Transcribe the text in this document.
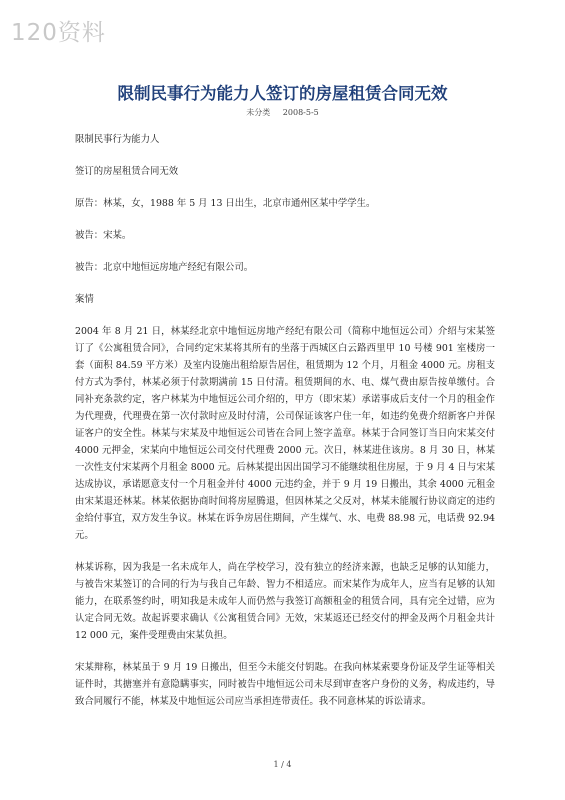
120资料
限制民事行为能力人签订的房屋租赁合同无效
未分类 2008-5-5

限制民事行为能力人

签订的房屋租赁合同无效

原告：林某，女，1988 年 5 月 13 日出生，北京市通州区某中学学生。

被告：宋某。

被告：北京中地恒远房地产经纪有限公司。

案情

2004 年 8 月 21 日，林某经北京中地恒远房地产经纪有限公司（简称中地恒远公司）介绍与宋某签订了《公寓租赁合同》，合同约定宋某将其所有的坐落于西城区白云路西里甲 10 号楼 901 室楼房一套（面积 84.59 平方米）及室内设施出租给原告居住，租赁期为 12 个月，月租金 4000 元。房租支付方式为季付，林某必须于付款期满前 15 日付清。租赁期间的水、电、煤气费由原告按单缴付。合同补充条款约定，客户林某为中地恒远公司介绍的，甲方（即宋某）承诺事成后支付一个月的租金作为代理费，代理费在第一次付款时应及时付清，公司保证该客户住一年，如违约免费介绍新客户并保证客户的安全性。林某与宋某及中地恒远公司皆在合同上签字盖章。林某于合同签订当日向宋某交付 4000 元押金，宋某向中地恒远公司交付代理费 2000 元。次日，林某进住该房。8 月 30 日，林某一次性支付宋某两个月租金 8000 元。后林某提出因出国学习不能继续租住房屋，于 9 月 4 日与宋某达成协议，承诺愿意支付一个月租金并付 4000 元违约金，并于 9 月 19 日搬出，其余 4000 元租金由宋某退还林某。林某依据协商时间将房屋腾退，但因林某之父反对，林某未能履行协议商定的违约金给付事宜，双方发生争议。林某在诉争房居住期间，产生煤气、水、电费 88.98 元，电话费 92.94 元。

林某诉称，因为我是一名未成年人，尚在学校学习，没有独立的经济来源，也缺乏足够的认知能力，与被告宋某签订的合同的行为与我自己年龄、智力不相适应。而宋某作为成年人，应当有足够的认知能力，在联系签约时，明知我是未成年人而仍然与我签订高额租金的租赁合同，具有完全过错，应为认定合同无效。故起诉要求确认《公寓租赁合同》无效，宋某返还已经交付的押金及两个月租金共计 12 000 元，案件受理费由宋某负担。

宋某辩称，林某虽于 9 月 19 日搬出，但至今未能交付钥匙。在我向林某索要身份证及学生证等相关证件时，其搪塞并有意隐瞒事实，同时被告中地恒远公司未尽到审查客户身份的义务，构成违约，导致合同履行不能，林某及中地恒远公司应当承担连带责任。我不同意林某的诉讼请求。

1 / 4
